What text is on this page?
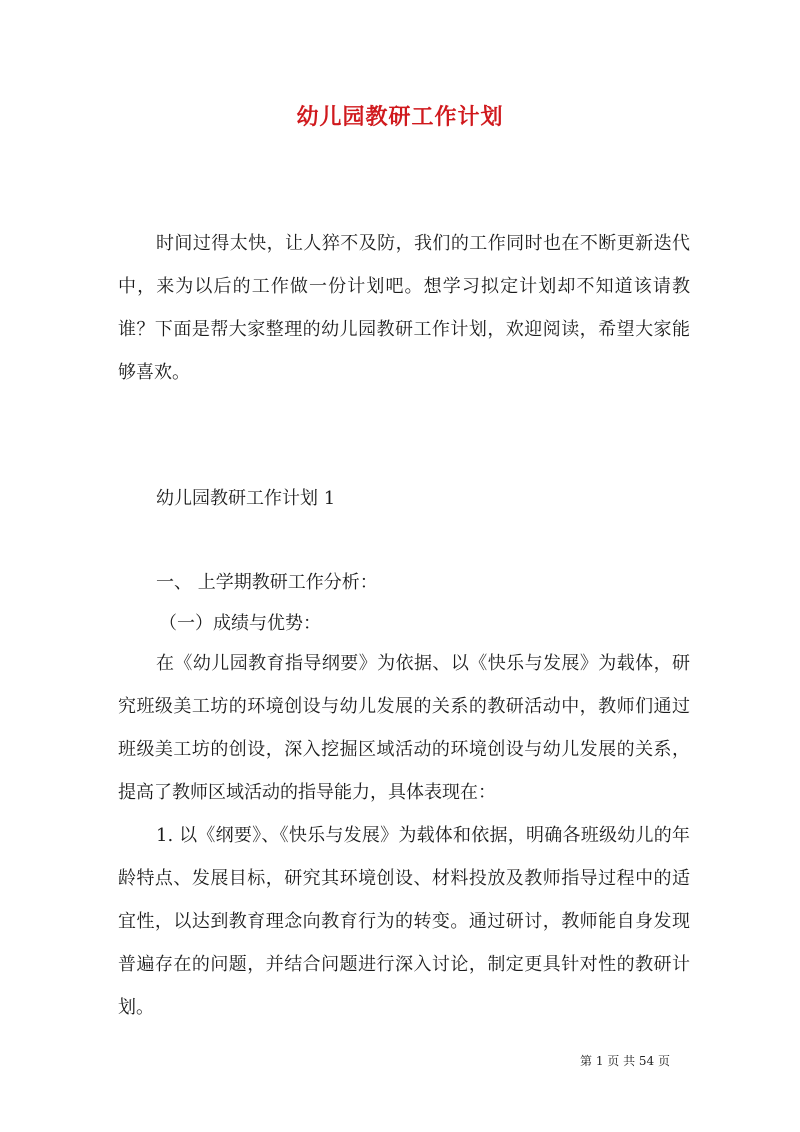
幼儿园教研工作计划
时间过得太快，让人猝不及防，我们的工作同时也在不断更新迭代中，来为以后的工作做一份计划吧。想学习拟定计划却不知道该请教谁？下面是帮大家整理的幼儿园教研工作计划，欢迎阅读，希望大家能够喜欢。
幼儿园教研工作计划 1
一、 上学期教研工作分析：
（一）成绩与优势：
在《幼儿园教育指导纲要》为依据、以《快乐与发展》为载体，研究班级美工坊的环境创设与幼儿发展的关系的教研活动中，教师们通过班级美工坊的创设，深入挖掘区域活动的环境创设与幼儿发展的关系，提高了教师区域活动的指导能力，具体表现在：
1. 以《纲要》、《快乐与发展》为载体和依据，明确各班级幼儿的年龄特点、发展目标，研究其环境创设、材料投放及教师指导过程中的适宜性，以达到教育理念向教育行为的转变。通过研讨，教师能自身发现普遍存在的问题，并结合问题进行深入讨论，制定更具针对性的教研计划。
第 1 页 共 54 页
